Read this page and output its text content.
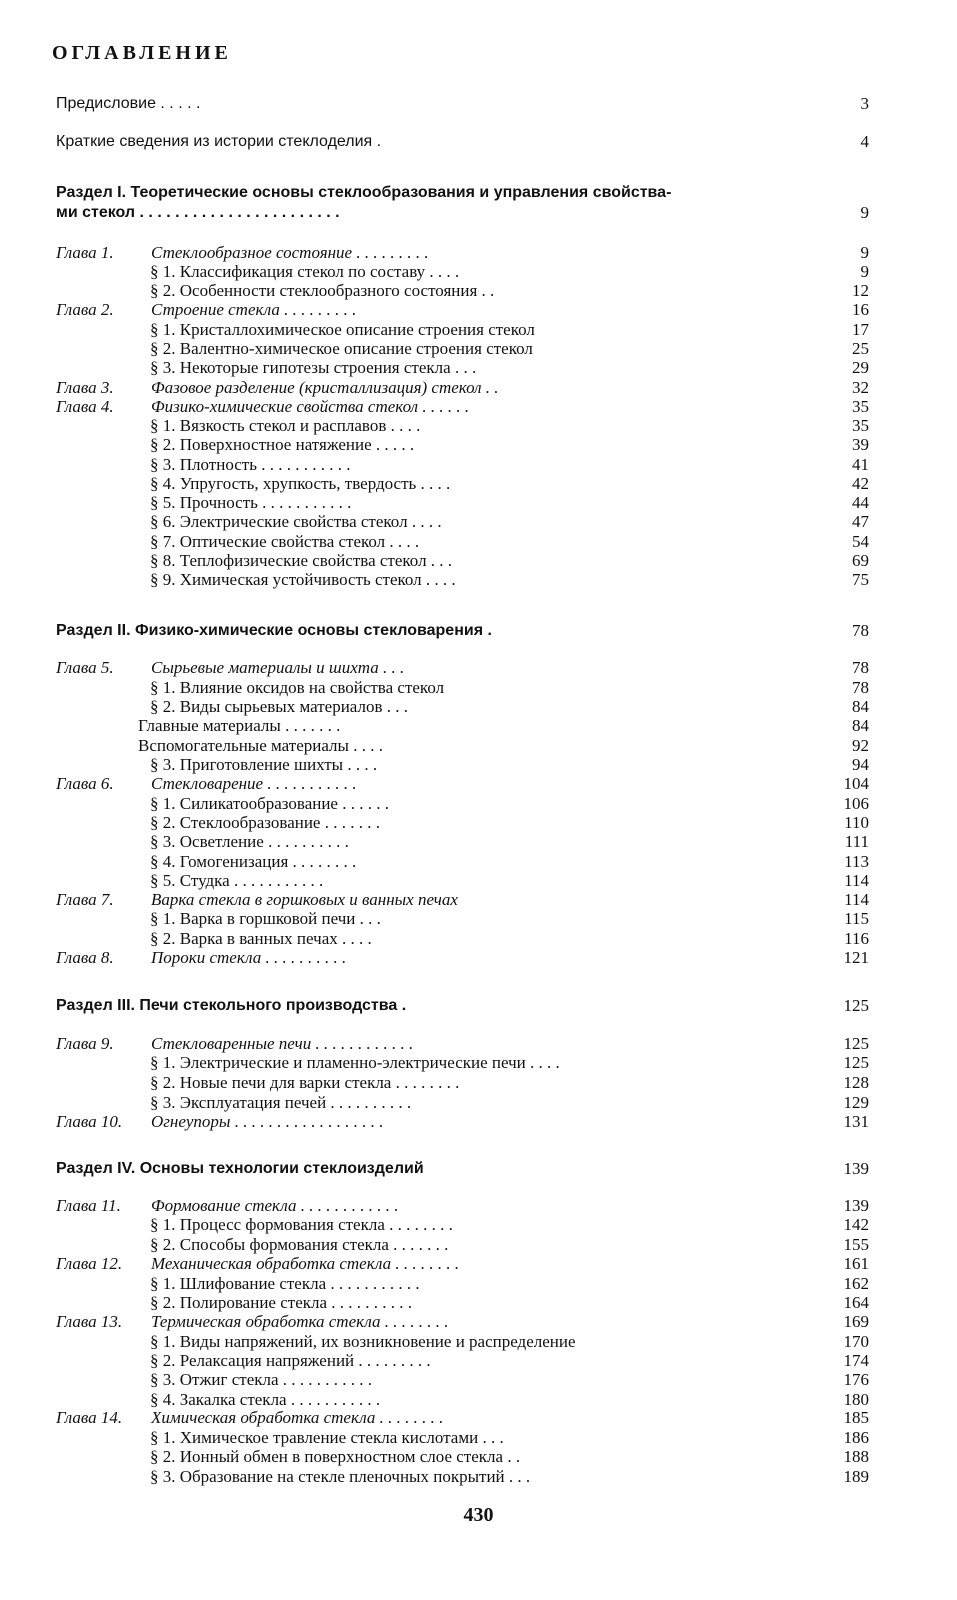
ОГЛАВЛЕНИЕ
Предисловие . . . . .	3
Краткие сведения из истории стеклоделия .	4
Раздел I. Теоретические основы стеклообразования и управления свойства-
ми стекол . . . . . . . . . . . . . . . . . . . . . . .	9
Глава 1. Стеклообразное состояние . . . . . . . . .	9
§ 1. Классификация стекол по составу . . . .	9
§ 2. Особенности стеклообразного состояния . .	12
Глава 2. Строение стекла . . . . . . . . .	16
§ 1. Кристаллохимическое описание строения стекол	17
§ 2. Валентно-химическое описание строения стекол	25
§ 3. Некоторые гипотезы строения стекла . . .	29
Глава 3. Фазовое разделение (кристаллизация) стекол . .	32
Глава 4. Физико-химические свойства стекол . . . . . .	35
§ 1. Вязкость стекол и расплавов . . . .	35
§ 2. Поверхностное натяжение . . . . .	39
§ 3. Плотность . . . . . . . . . . .	41
§ 4. Упругость, хрупкость, твердость . . . .	42
§ 5. Прочность . . . . . . . . . . .	44
§ 6. Электрические свойства стекол . . . .	47
§ 7. Оптические свойства стекол . . . .	54
§ 8. Теплофизические свойства стекол . . .	69
§ 9. Химическая устойчивость стекол . . . .	75
Раздел II. Физико-химические основы стекловарения .	78
Глава 5. Сырьевые материалы и шихта . . .	78
§ 1. Влияние оксидов на свойства стекол	78
§ 2. Виды сырьевых материалов . . .	84
Главные материалы . . . . . . .	84
Вспомогательные материалы . . . .	92
§ 3. Приготовление шихты . . . .	94
Глава 6. Стекловарение . . . . . . . . . . .	104
§ 1. Силикатообразование . . . . . .	106
§ 2. Стеклообразование . . . . . . .	110
§ 3. Осветление . . . . . . . . . .	111
§ 4. Гомогенизация . . . . . . . .	113
§ 5. Студка . . . . . . . . . . .	114
Глава 7. Варка стекла в горшковых и ванных печах	114
§ 1. Варка в горшковой печи . . .	115
§ 2. Варка в ванных печах . . . .	116
Глава 8. Пороки стекла . . . . . . . . . .	121
Раздел III. Печи стекольного производства .	125
Глава 9. Стекловаренные печи . . . . . . . . . . . .	125
§ 1. Электрические и пламенно-электрические печи . . . .	125
§ 2. Новые печи для варки стекла . . . . . . . .	128
§ 3. Эксплуатация печей . . . . . . . . . .	129
Глава 10. Огнеупоры . . . . . . . . . . . . . . . . . .	131
Раздел IV. Основы технологии стеклоизделий	139
Глава 11. Формование стекла . . . . . . . . . . . .	139
§ 1. Процесс формования стекла . . . . . . . .	142
§ 2. Способы формования стекла . . . . . . .	155
Глава 12. Механическая обработка стекла . . . . . . . .	161
§ 1. Шлифование стекла . . . . . . . . . . .	162
§ 2. Полирование стекла . . . . . . . . . .	164
Глава 13. Термическая обработка стекла . . . . . . . .	169
§ 1. Виды напряжений, их возникновение и распределение	170
§ 2. Релаксация напряжений . . . . . . . . .	174
§ 3. Отжиг стекла . . . . . . . . . . .	176
§ 4. Закалка стекла . . . . . . . . . . .	180
Глава 14. Химическая обработка стекла . . . . . . . .	185
§ 1. Химическое травление стекла кислотами . . .	186
§ 2. Ионный обмен в поверхностном слое стекла . .	188
§ 3. Образование на стекле пленочных покрытий . . .	189
430
